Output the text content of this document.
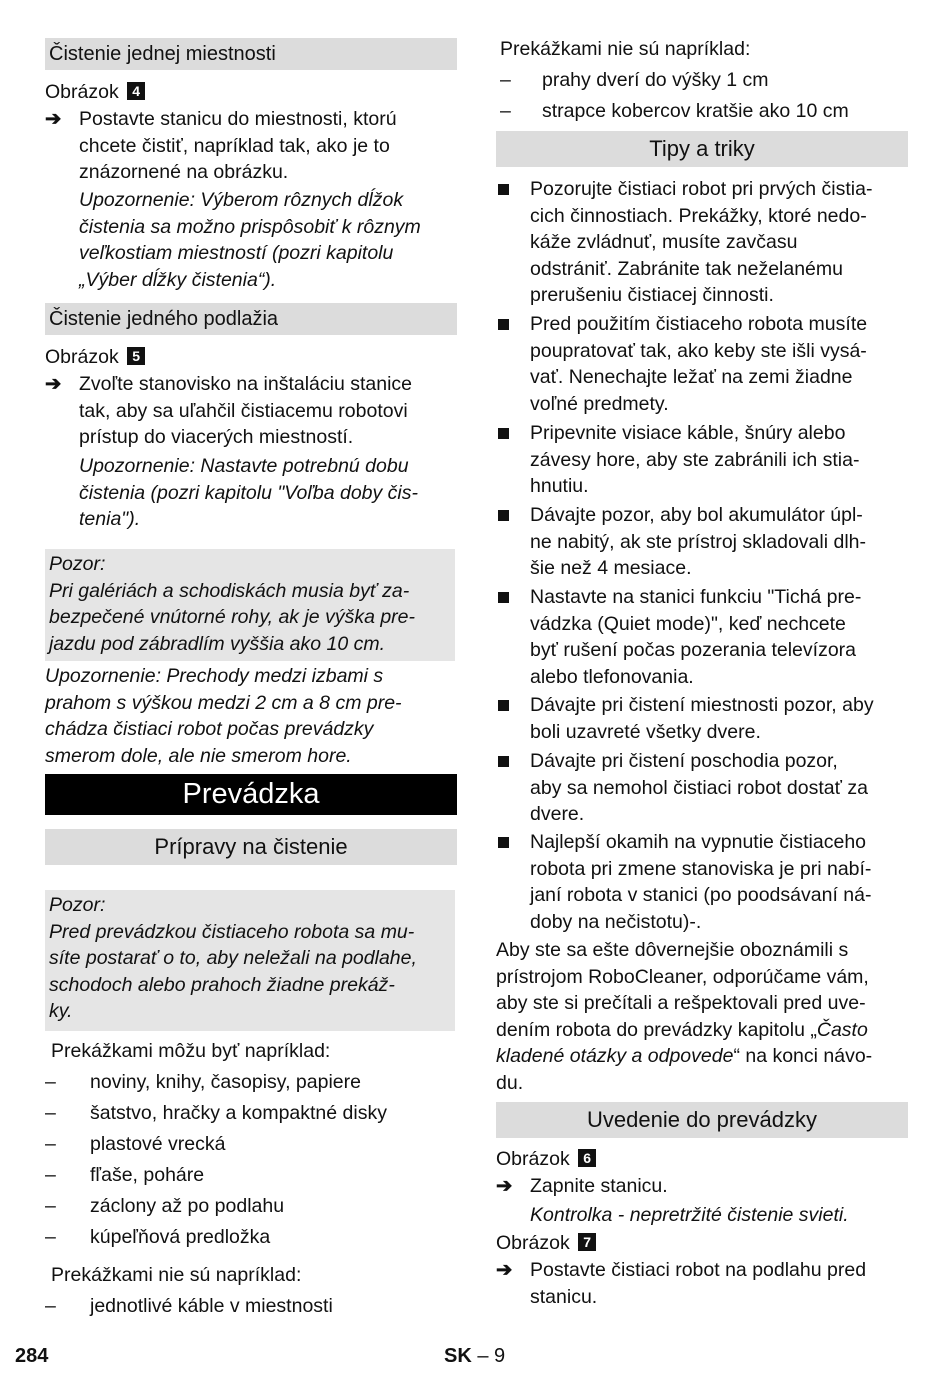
Čistenie jednej miestnosti
Obrázok 4
➔ Postavte stanicu do miestnosti, ktorú
chcete čistiť, napríklad tak, ako je to
znázornené na obrázku.
Upozornenie: Výberom rôznych dĺžok
čistenia sa možno prispôsobiť k rôznym
veľkostiam miestností (pozri kapitolu
„Výber dĺžky čistenia“).
Čistenie jedného podlažia
Obrázok 5
➔ Zvoľte stanovisko na inštaláciu stanice
tak, aby sa uľahčil čistiacemu robotovi
prístup do viacerých miestností.
Upozornenie: Nastavte potrebnú dobu
čistenia (pozri kapitolu "Voľba doby čis-
tenia").
Pozor:
Pri galériách a schodiskách musia byť za-
bezpečené vnútorné rohy, ak je výška pre-
jazdu pod zábradlím vyššia ako 10 cm.
Upozornenie: Prechody medzi izbami s
prahom s výškou medzi 2 cm a 8 cm pre-
chádza čistiaci robot počas prevádzky
smerom dole, ale nie smerom hore.
Prevádzka
Prípravy na čistenie
Pozor:
Pred prevádzkou čistiaceho robota sa mu-
síte postarať o to, aby neležali na podlahe,
schodoch alebo prahoch žiadne prekáž-
ky.
Prekážkami môžu byť napríklad:
– noviny, knihy, časopisy, papiere
– šatstvo, hračky a kompaktné disky
– plastové vrecká
– fľaše, poháre
– záclony až po podlahu
– kúpeľňová predložka
Prekážkami nie sú napríklad:
– jednotlivé káble v miestnosti
Prekážkami nie sú napríklad:
– prahy dverí do výšky 1 cm
– strapce kobercov kratšie ako 10 cm
Tipy a triky
Pozorujte čistiaci robot pri prvých čistia-
cich činnostiach. Prekážky, ktoré nedo-
káže zvládnuť, musíte zavčasu
odstrániť. Zabránite tak neželanému
prerušeniu čistiacej činnosti.
Pred použitím čistiaceho robota musíte
poupratovať tak, ako keby ste išli vysá-
vať. Nenechajte ležať na zemi žiadne
voľné predmety.
Pripevnite visiace káble, šnúry alebo
závesy hore, aby ste zabránili ich stia-
hnutiu.
Dávajte pozor, aby bol akumulátor úpl-
ne nabitý, ak ste prístroj skladovali dlh-
šie než 4 mesiace.
Nastavte na stanici funkciu "Tichá pre-
vádzka (Quiet mode)", keď nechcete
byť rušení počas pozerania televízora
alebo tlefonovania.
Dávajte pri čistení miestnosti pozor, aby
boli uzavreté všetky dvere.
Dávajte pri čistení poschodia pozor,
aby sa nemohol čistiaci robot dostať za
dvere.
Najlepší okamih na vypnutie čistiaceho
robota pri zmene stanoviska je pri nabí-
janí robota v stanici (po poodsávaní ná-
doby na nečistotu)-.
Aby ste sa ešte dôvernejšie oboznámili s
prístrojom RoboCleaner, odporúčame vám,
aby ste si prečítali a rešpektovali pred uve-
dením robota do prevádzky kapitolu „Často
kladené otázky a odpovede“ na konci návo-
du.
Uvedenie do prevádzky
Obrázok 6
➔ Zapnite stanicu.
Kontrolka - nepretržité čistenie svieti.
Obrázok 7
➔ Postavte čistiaci robot na podlahu pred
stanicu.
284	SK – 9
